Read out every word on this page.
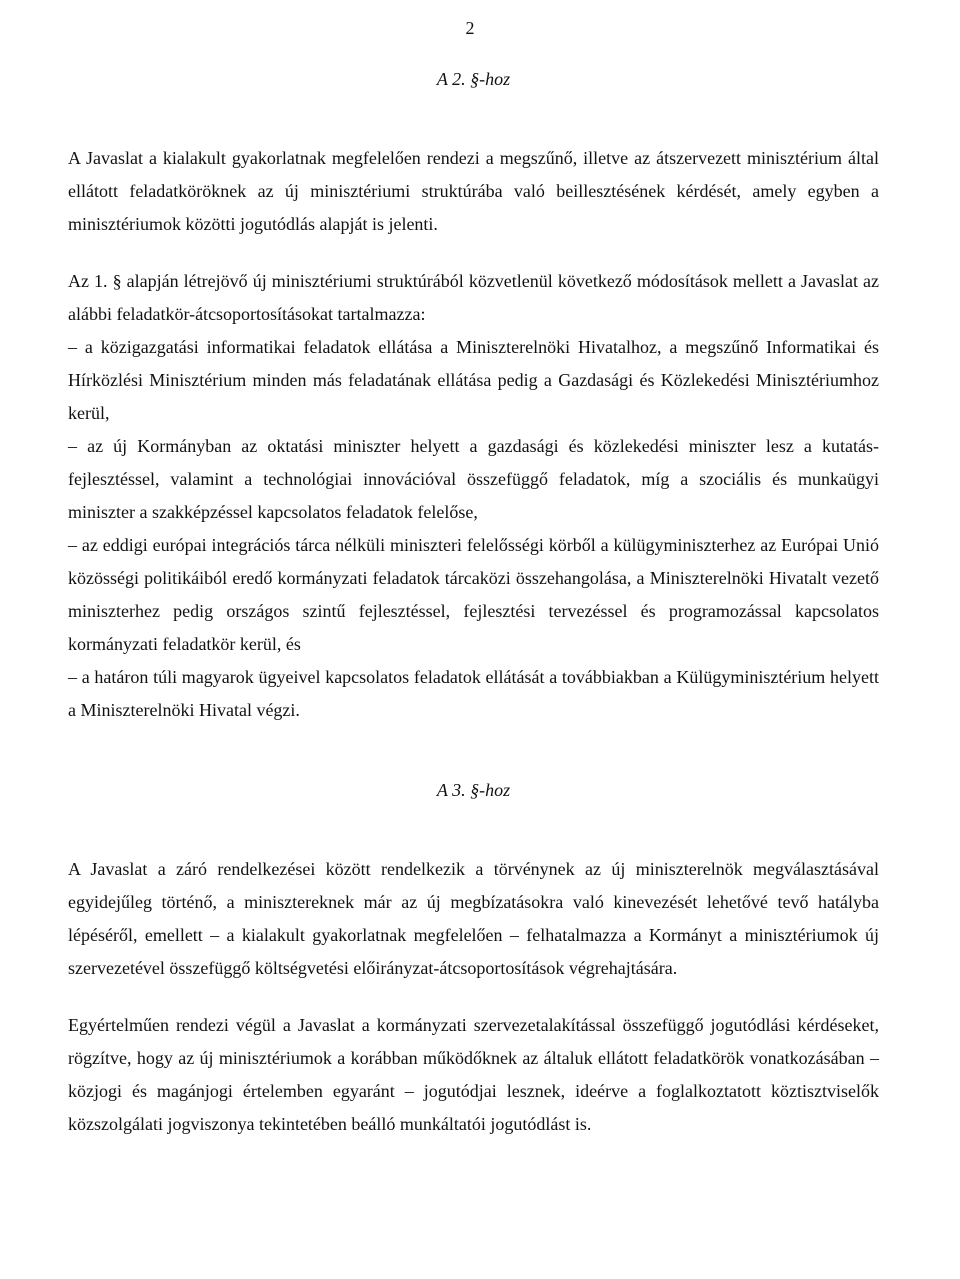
2
A 2. §-hoz

A Javaslat a kialakult gyakorlatnak megfelelően rendezi a megszűnő, illetve az átszervezett minisztérium által ellátott feladatköröknek az új minisztériumi struktúrába való beillesztésének kérdését, amely egyben a minisztériumok közötti jogutódlás alapját is jelenti.

Az 1. § alapján létrejövő új minisztériumi struktúrából közvetlenül következő módosítások mellett a Javaslat az alábbi feladatkör-átcsoportosításokat tartalmazza:

– a közigazgatási informatikai feladatok ellátása a Miniszterelnöki Hivatalhoz, a megszűnő Informatikai és Hírközlési Minisztérium minden más feladatának ellátása pedig a Gazdasági és Közlekedési Minisztériumhoz kerül,

– az új Kormányban az oktatási miniszter helyett a gazdasági és közlekedési miniszter lesz a kutatás-fejlesztéssel, valamint a technológiai innovációval összefüggő feladatok, míg a szociális és munkaügyi miniszter a szakképzéssel kapcsolatos feladatok felelőse,

– az eddigi európai integrációs tárca nélküli miniszteri felelősségi körből a külügyminiszterhez az Európai Unió közösségi politikáiból eredő kormányzati feladatok tárcaközi összehangolása, a Miniszterelnöki Hivatalt vezető miniszterhez pedig országos szintű fejlesztéssel, fejlesztési tervezéssel és programozással kapcsolatos kormányzati feladatkör kerül, és

– a határon túli magyarok ügyeivel kapcsolatos feladatok ellátását a továbbiakban a Külügyminisztérium helyett a Miniszterelnöki Hivatal végzi.

A 3. §-hoz

A Javaslat a záró rendelkezései között rendelkezik a törvénynek az új miniszterelnök megválasztásával egyidejűleg történő, a minisztereknek már az új megbízatásokra való kinevezését lehetővé tevő hatályba lépéséről, emellett – a kialakult gyakorlatnak megfelelően – felhatalmazza a Kormányt a minisztériumok új szervezetével összefüggő költségvetési előirányzat-átcsoportosítások végrehajtására.

Egyértelműen rendezi végül a Javaslat a kormányzati szervezetalakítással összefüggő jogutódlási kérdéseket, rögzítve, hogy az új minisztériumok a korábban működőknek az általuk ellátott feladatkörök vonatkozásában – közjogi és magánjogi értelemben egyaránt – jogutódjai lesznek, ideérve a foglalkoztatott köztisztviselők közszolgálati jogviszonya tekintetében beálló munkáltatói jogutódlást is.
